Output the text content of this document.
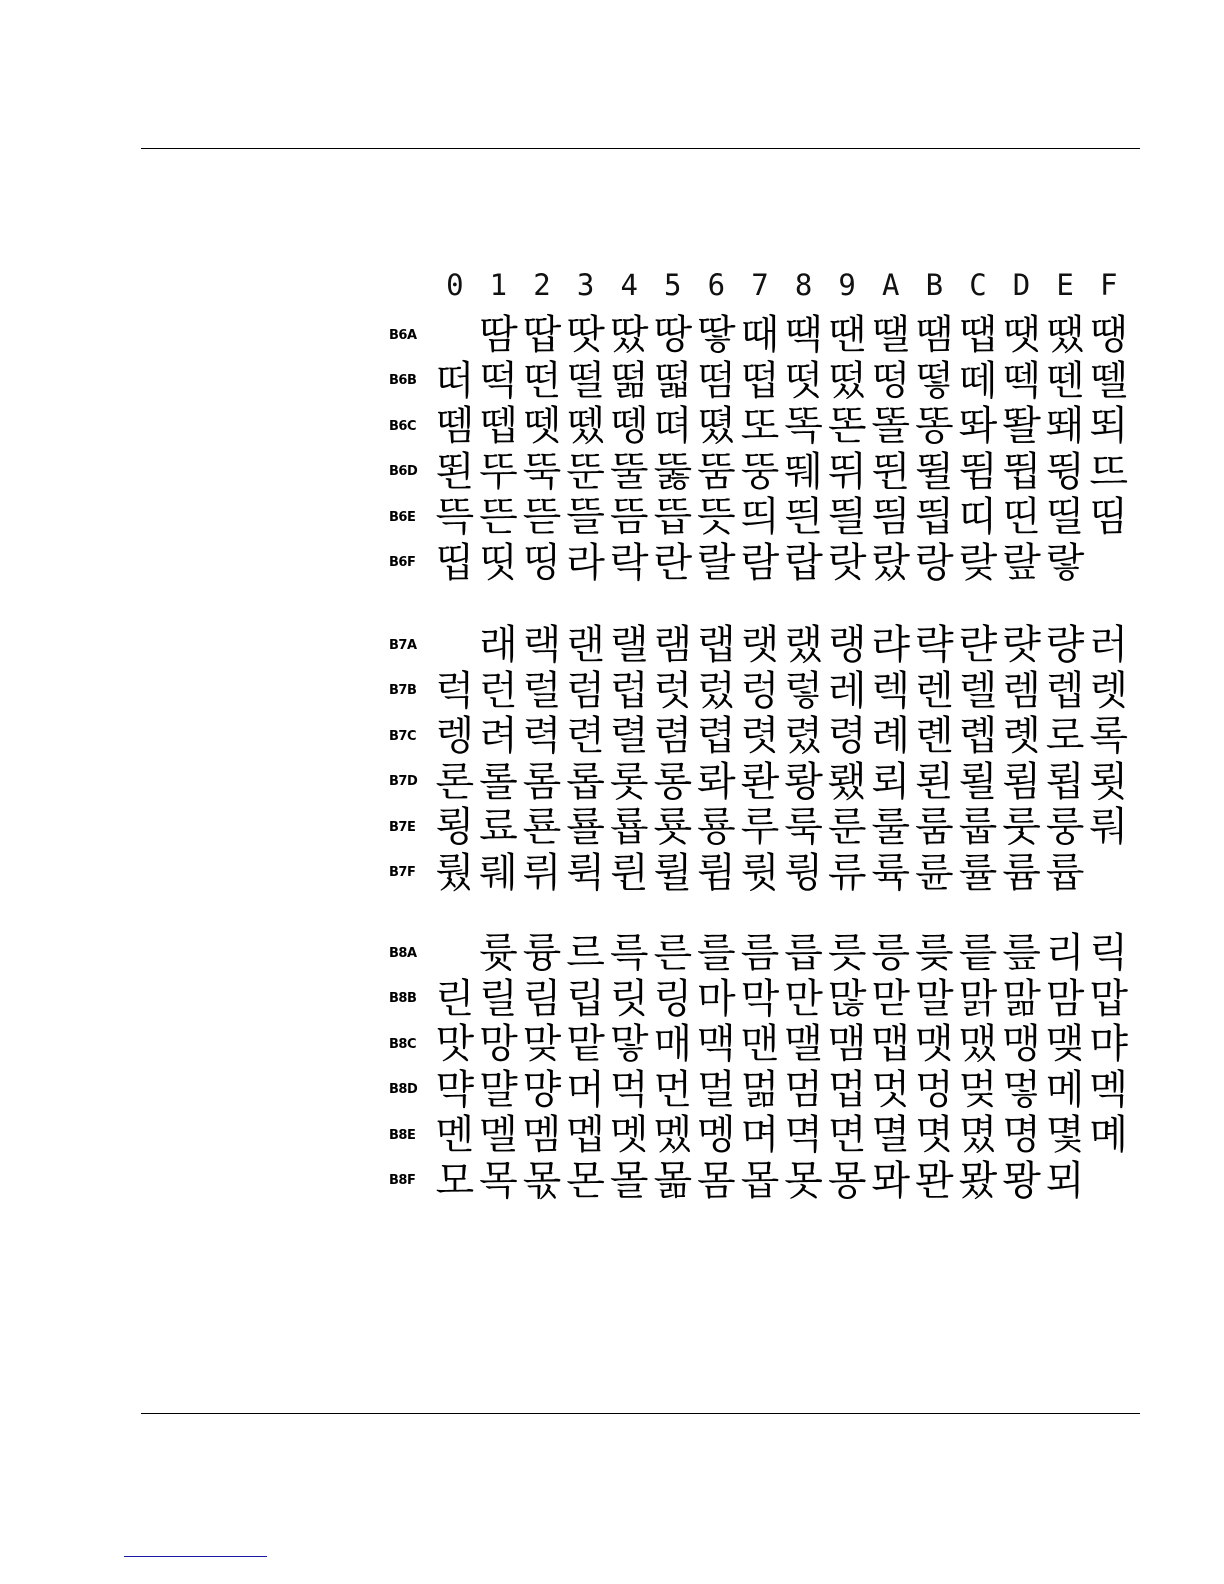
0 1 2 3 4 5 6 7 8 9 A B C D E F
B6A	땀 땁 땃 땄 땅 땋 때 땍 땐 땔 땜 땝 땟 땠 땡
B6B 떠 떡 떤 떨 떪 떫 떰 떱 떳 떴 떵 떻 떼 떽 뗀 뗄
B6C 뗌 뗍 뗏 뗐 뗑 뗘 뗬 또 똑 똔 똘 똥 똬 똴 뙈 뙤
B6D 뙨 뚜 뚝 뚠 뚤 뚫 뚬 뚱 뛔 뛰 뛴 뛸 뜀 뜁 뜅 뜨
B6E 뜩 뜬 뜯 뜰 뜸 뜹 뜻 띄 띈 띌 띔 띕 띠 띤 띨 띰
B6F 띱 띳 띵 라 락 란 랄 람 랍 랏 랐 랑 랒 랖 랗
B7A	래 랙 랜 랠 램 랩 랫 랬 랭 랴 략 랸 럇 량 러
B7B 럭 런 럴 럼 럽 럿 렀 렁 렇 레 렉 렌 렐 렘 렙 렛
B7C 렝 려 력 련 렬 렴 렵 렷 렸 령 례 롄 롑 롓 로 록
B7D 론 롤 롬 롭 롯 롱 롸 롼 뢍 뢨 뢰 뢴 뢸 룀 룁 룃
B7E 룅 료 룐 룔 룝 룟 룡 루 룩 룬 룰 룸 룹 룻 룽 뤄
B7F 뤘 뤠 뤼 뤽 륀 륄 륌 륏 륑 류 륙 륜 률 륨 륩
B8A	륫 륭 르 륵 른 를 름 릅 릇 릉 릊 릍 릎 리 릭
B8B 린 릴 림 립 릿 링 마 막 만 많 맏 말 맑 맒 맘 맙
B8C 맛 망 맞 맡 맣 매 맥 맨 맬 맴 맵 맷 맸 맹 맺 먀
B8D 먁 먈 먕 머 먹 먼 멀 멂 멈 멉 멋 멍 멎 멓 메 멕
B8E 멘 멜 멤 멥 멧 멨 멩 며 멱 면 멸 몃 몄 명 몇 몌
B8F 모 목 몫 몬 몰 몲 몸 몹 못 몽 뫄 뫈 뫘 뫙 뫼
